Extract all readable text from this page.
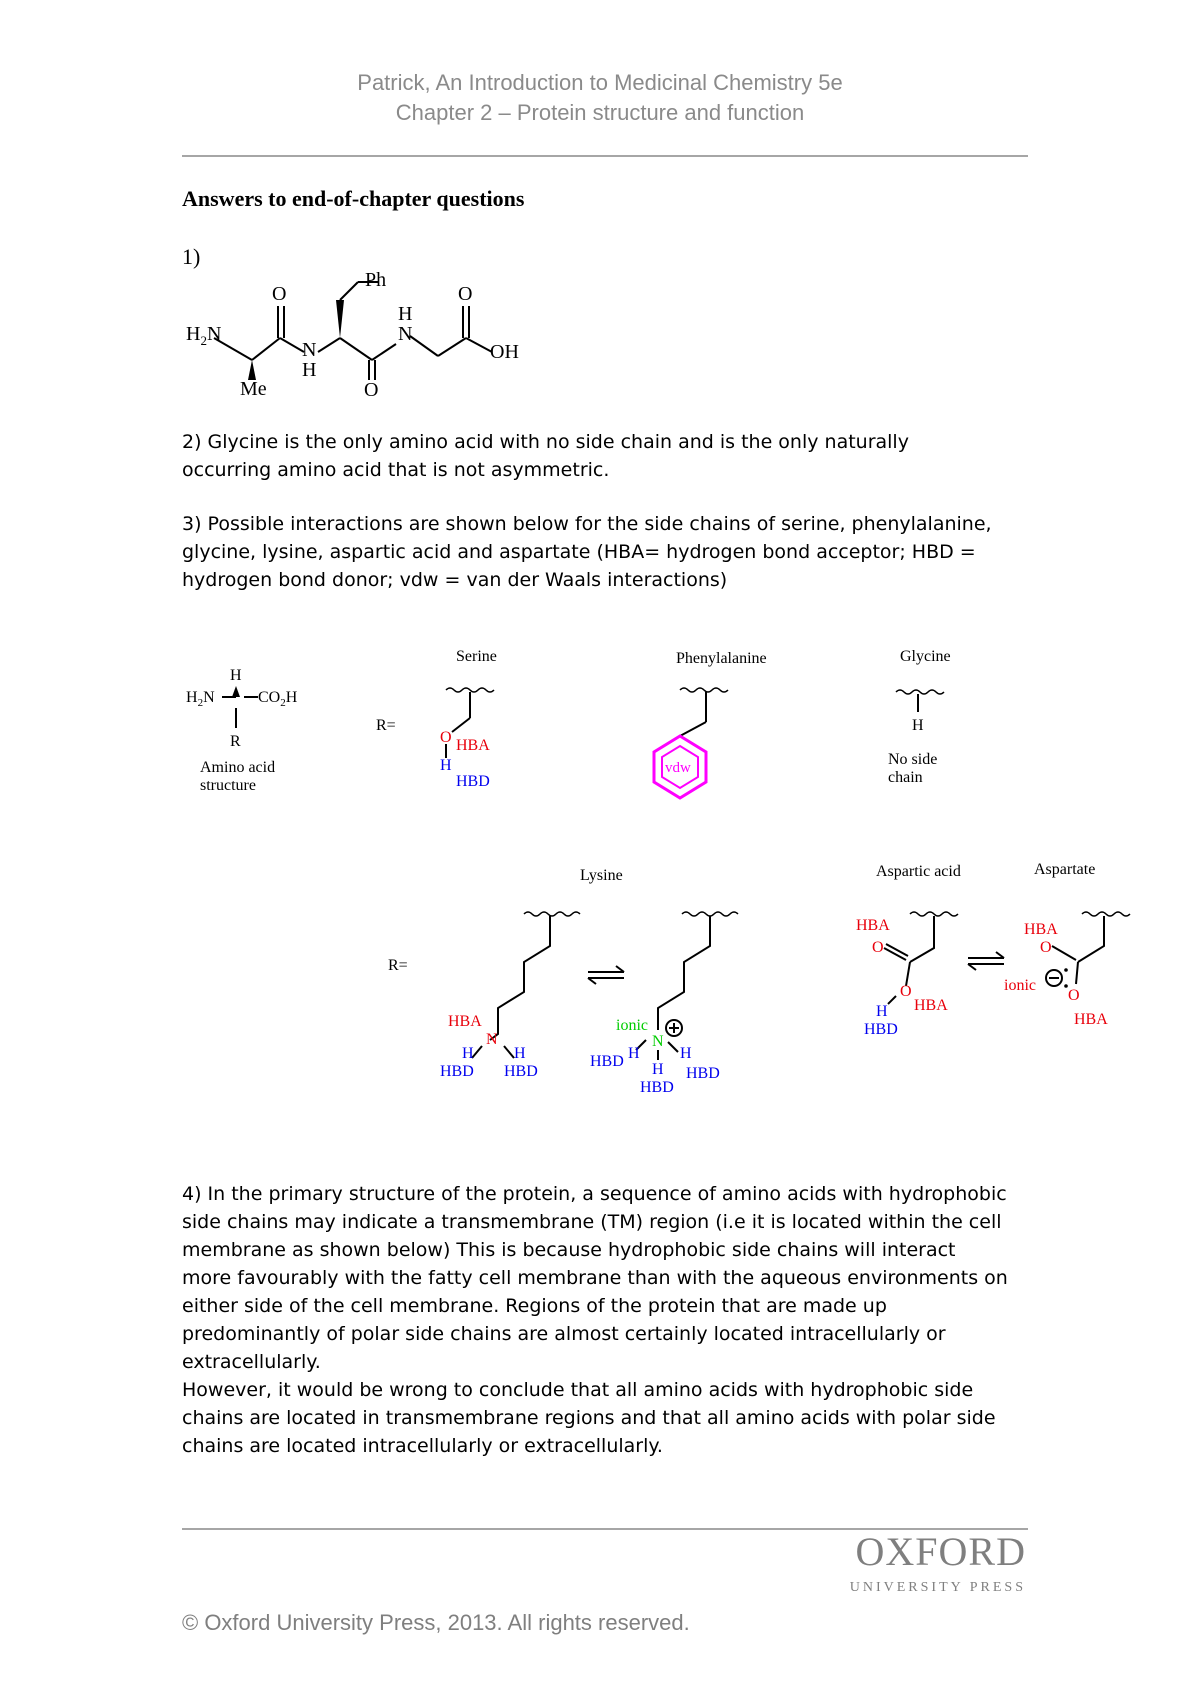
Patrick, An Introduction to Medicinal Chemistry 5e
Chapter 2 – Protein structure and function
Answers to end-of-chapter questions
1)
$H_2N$
Me
O
N
H
Ph
O
H
N
O
OH
2) Glycine is the only amino acid with no side chain and is the only naturally
occurring amino acid that is not asymmetric.
3) Possible interactions are shown below for the side chains of serine, phenylalanine,
glycine, lysine, aspartic acid and aspartate (HBA= hydrogen bond acceptor; HBD =
hydrogen bond donor; vdw = van der Waals interactions)
H
$H_2N$	$CO_2H$
R
Amino acid
structure
R=
Serine	Phenylalanine	Glycine
H
No side
chain
Lysine	Aspartic acid	Aspartate
R=
vdw
O HBA
H
HBD
HBA
N
H	H
HBD HBD
ionic
N
H	H
H
HBD
HBD
HBD
HBA
O
O
HBA
H
HBD
HBA
O
ionic
O
HBA
4) In the primary structure of the protein, a sequence of amino acids with hydrophobic
side chains may indicate a transmembrane (TM) region (i.e it is located within the cell
membrane as shown below) This is because hydrophobic side chains will interact
more favourably with the fatty cell membrane than with the aqueous environments on
either side of the cell membrane. Regions of the protein that are made up
predominantly of polar side chains are almost certainly located intracellularly or
extracellularly.
However, it would be wrong to conclude that all amino acids with hydrophobic side
chains are located in transmembrane regions and that all amino acids with polar side
chains are located intracellularly or extracellularly.
OXFORD
UNIVERSITY PRESS
© Oxford University Press, 2013. All rights reserved.
